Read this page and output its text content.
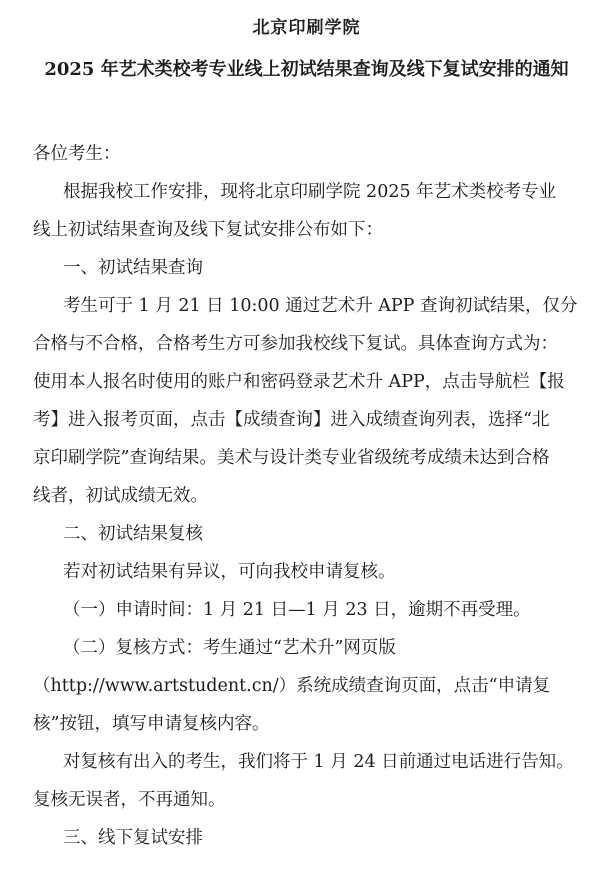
北京印刷学院
2025 年艺术类校考专业线上初试结果查询及线下复试安排的通知
各位考生：
根据我校工作安排，现将北京印刷学院 2025 年艺术类校考专业
线上初试结果查询及线下复试安排公布如下：
一、初试结果查询
考生可于 1 月 21 日 10:00 通过艺术升 APP 查询初试结果，仅分
合格与不合格，合格考生方可参加我校线下复试。具体查询方式为：
使用本人报名时使用的账户和密码登录艺术升 APP，点击导航栏【报
考】进入报考页面，点击【成绩查询】进入成绩查询列表，选择“北
京印刷学院”查询结果。美术与设计类专业省级统考成绩未达到合格
线者，初试成绩无效。
二、初试结果复核
若对初试结果有异议，可向我校申请复核。
（一）申请时间：1 月 21 日—1 月 23 日，逾期不再受理。
（二）复核方式：考生通过“艺术升”网页版
（http://www.artstudent.cn/）系统成绩查询页面，点击“申请复
核”按钮，填写申请复核内容。
对复核有出入的考生，我们将于 1 月 24 日前通过电话进行告知。
复核无误者，不再通知。
三、线下复试安排
